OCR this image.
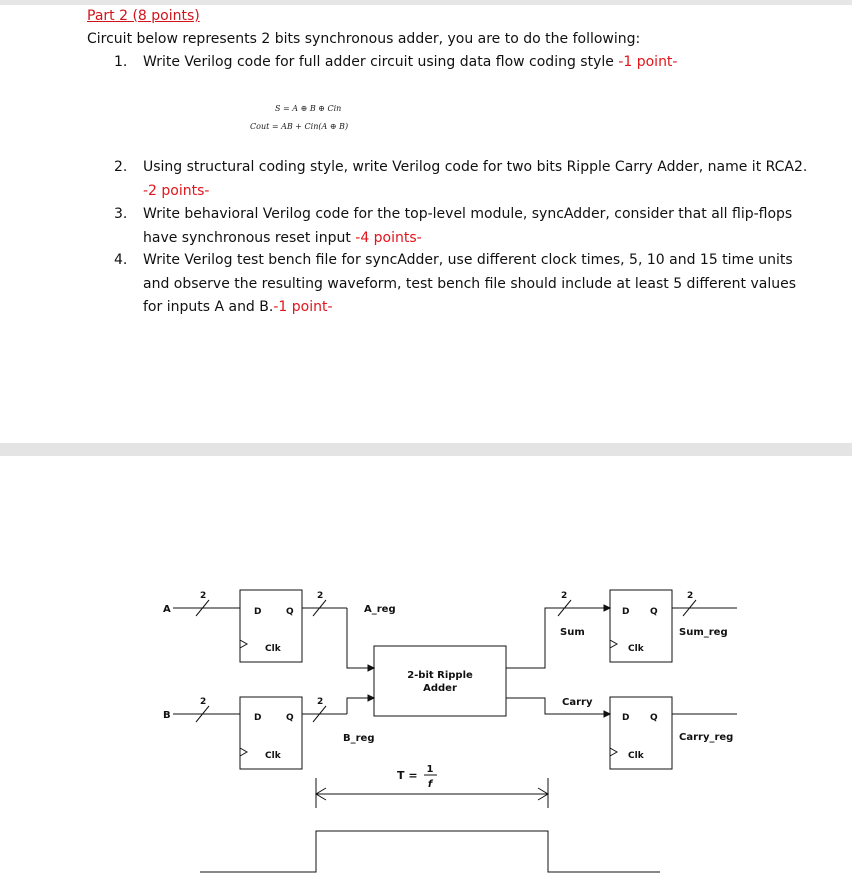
Part 2 (8 points)
Circuit below represents 2 bits synchronous adder, you are to do the following:
1. Write Verilog code for full adder circuit using data flow coding style -1 point-
S = A ⊕ B ⊕ Cin
Cout = AB + Cin(A ⊕ B)
2. Using structural coding style, write Verilog code for two bits Ripple Carry Adder, name it RCA2. -2 points-
3. Write behavioral Verilog code for the top-level module, syncAdder, consider that all flip-flops have synchronous reset input -4 points-
4. Write Verilog test bench file for syncAdder, use different clock times, 5, 10 and 15 time units and observe the resulting waveform, test bench file should include at least 5 different values for inputs A and B.-1 point-
A
B
2	2
2	2
2	2
D	Q
Clk
D	Q
Clk
D Q
Clk
D Q
Clk
A_reg
B_reg
2-bit Ripple
Adder
Sum
Carry
Sum_reg
Carry_reg
T = 1
f
